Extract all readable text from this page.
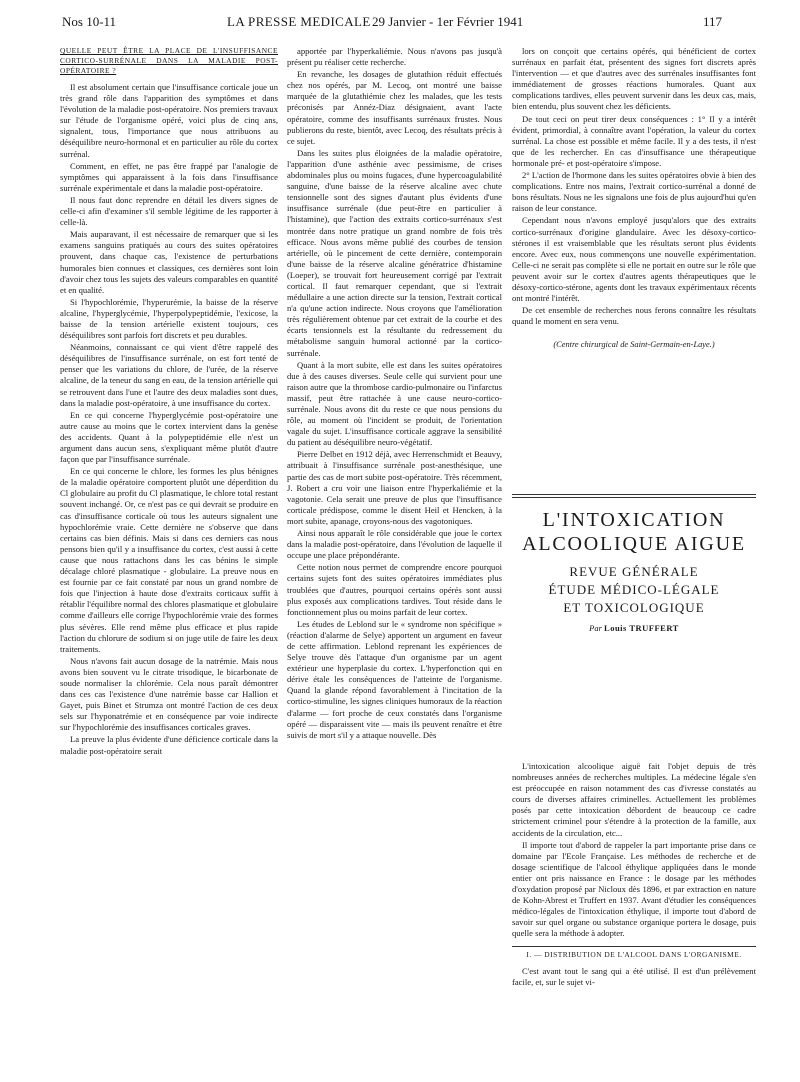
Nos 10-11	LA PRESSE MEDICALE 29 Janvier - 1er Février 1941	117
QUELLE PEUT ÊTRE LA PLACE DE L'INSUFFISANCE CORTICO-SURRÉNALE DANS LA MALADIE POST-OPÉRATOIRE ?

Il est absolument certain que l'insuffisance corticale joue un très grand rôle dans l'apparition des symptômes et dans l'évolution de la maladie post-opératoire. Nos premiers travaux sur l'étude de l'organisme opéré, voici plus de cinq ans, signalent, tous, l'importance que nous attribuons au déséquilibre neuro-hormonal et en particulier au rôle du cortex surrénal.

Comment, en effet, ne pas être frappé par l'analogie de symptômes qui apparaissent à la fois dans l'insuffisance surrénale expérimentale et dans la maladie post-opératoire.

Il nous faut donc reprendre en détail les divers signes de celle-ci afin d'examiner s'il semble légitime de les rapporter à celle-là.

Mais auparavant, il est nécessaire de remarquer que si les examens sanguins pratiqués au cours des suites opératoires prouvent, dans chaque cas, l'existence de perturbations humorales bien connues et classiques, ces dernières sont loin d'avoir chez tous les sujets des valeurs comparables en quantité et en qualité.

Si l'hypochlorémie, l'hyperurémie, la baisse de la réserve alcaline, l'hyperglycémie, l'hyperpolypeptidémie, l'exicose, la baisse de la tension artérielle existent toujours, ces déséquilibres sont parfois fort discrets et peu durables.

Néanmoins, connaissant ce qui vient d'être rappelé des déséquilibres de l'insuffisance surrénale, on est fort tenté de penser que les variations du chlore, de l'urée, de la réserve alcaline, de la teneur du sang en eau, de la tension artérielle qui se retrouvent dans l'une et l'autre des deux maladies sont dues, dans la maladie post-opératoire, à une insuffisance du cortex.

En ce qui concerne l'hyperglycémie post-opératoire une autre cause au moins que le cortex intervient dans la genèse des accidents. Quant à la polypeptidémie elle n'est un argument dans aucun sens, s'expliquant même plutôt d'autre façon que par l'insuffisance surrénale.

En ce qui concerne le chlore, les formes les plus bénignes de la maladie opératoire comportent plutôt une déperdition du Cl globulaire au profit du Cl plasmatique, le chlore total restant souvent inchangé. Or, ce n'est pas ce qui devrait se produire en cas d'insuffisance corticale où tous les auteurs signalent une hypochlorémie vraie. Cette dernière ne s'observe que dans certains cas bien définis. Mais si dans ces derniers cas nous pensons bien qu'il y a insuffisance du cortex, c'est aussi à cette cause que nous rattachons dans les cas bénins le simple décalage chloré plasmatique - globulaire. La preuve nous en est fournie par ce fait constaté par nous un grand nombre de fois que l'injection à haute dose d'extraits corticaux suffit à rétablir l'équilibre normal des chlores plasmatique et globulaire comme d'ailleurs elle corrige l'hypochlorémie vraie des formes plus sévères. Elle rend même plus efficace et plus rapide l'action du chlorure de sodium si on juge utile de faire les deux traitements.

Nous n'avons fait aucun dosage de la natrémie. Mais nous avons bien souvent vu le citrate trisodique, le bicarbonate de soude normaliser la chlorémie. Cela nous paraît démontrer dans ces cas l'existence d'une natrémie basse car Hallion et Gayet, puis Binet et Strumza ont montré l'action de ces deux sels sur l'hyponatrémie et en conséquence par voie indirecte sur l'hypochlorémie des insuffisances corticales graves.

La preuve la plus évidente d'une déficience corticale dans la maladie post-opératoire serait

apportée par l'hyperkaliémie. Nous n'avons pas jusqu'à présent pu réaliser cette recherche.

En revanche, les dosages de glutathion réduit effectués chez nos opérés, par M. Lecoq, ont montré une baisse marquée de la glutathiémie chez les malades, que les tests préconisés par Annéz-Diaz désignaient, avant l'acte opératoire, comme des insuffisants surrénaux frustes. Nous publierons du reste, bientôt, avec Lecoq, des résultats précis à ce sujet.

Dans les suites plus éloignées de la maladie opératoire, l'apparition d'une asthénie avec pessimisme, de crises abdominales plus ou moins fugaces, d'une hypercoagulabilité sanguine, d'une baisse de la réserve alcaline avec chute tensionnelle sont des signes d'autant plus évidents d'une insuffisance surrénale (due peut-être en particulier à l'histamine), que l'action des extraits cortico-surrénaux s'est montrée dans notre pratique un grand nombre de fois très efficace. Nous avons même publié des courbes de tension artérielle, où le pincement de cette dernière, contemporain d'une baisse de la réserve alcaline génératrice d'histamine (Loeper), se trouvait fort heureusement corrigé par l'extrait cortical. Il faut remarquer cependant, que si l'extrait médullaire a une action directe sur la tension, l'extrait cortical n'a qu'une action indirecte. Nous croyons que l'amélioration très régulièrement obtenue par cet extrait de la courbe et des écarts tensionnels est la résultante du redressement du métabolisme sanguin humoral actionné par la cortico-surrénale.

Quant à la mort subite, elle est dans les suites opératoires due à des causes diverses. Seule celle qui survient pour une raison autre que la thrombose cardio-pulmonaire ou l'infarctus massif, peut être rattachée à une cause neuro-cortico-surrénale. Nous avons dit du reste ce que nous pensions du rôle, au moment où l'incident se produit, de l'orientation vagale du sujet. L'insuffisance corticale aggrave la sensibilité du patient au déséquilibre neuro-végétatif.

Pierre Delbet en 1912 déjà, avec Herrenschmidt et Beauvy, attribuait à l'insuffisance surrénale post-anesthésique, une partie des cas de mort subite post-opératoire. Très récemment, J. Robert a cru voir une liaison entre l'hyperkaliémie et la vagotonie. Cela serait une preuve de plus que l'insuffisance corticale prédispose, comme le disent Heil et Hencken, à la mort subite, apanage, croyons-nous des vagotoniques.

Ainsi nous apparaît le rôle considérable que joue le cortex dans la maladie post-opératoire, dans l'évolution de laquelle il occupe une place prépondérante.

Cette notion nous permet de comprendre encore pourquoi certains sujets font des suites opératoires immédiates plus troublées que d'autres, pourquoi certains opérés sont aussi plus exposés aux complications tardives. Tout réside dans le fonctionnement plus ou moins parfait de leur cortex.

Les études de Leblond sur le « syndrome non spécifique » (réaction d'alarme de Selye) apportent un argument en faveur de cette affirmation. Leblond reprenant les expériences de Selye trouve dès l'attaque d'un organisme par un agent extérieur une hyperplasie du cortex. L'hyperfonction qui en dérive étale les conséquences de l'atteinte de l'organisme. Quand la glande répond favorablement à l'incitation de la cortico-stimuline, les signes cliniques humoraux de la réaction d'alarme — fort proche de ceux constatés dans l'organisme opéré — disparaissent vite — mais ils peuvent renaître et être suivis de mort s'il y a attaque nouvelle. Dès

lors on conçoit que certains opérés, qui bénéficient de cortex surrénaux en parfait état, présentent des signes fort discrets après l'intervention — et que d'autres avec des surrénales insuffisantes font immédiatement de grosses réactions humorales. Quant aux complications tardives, elles peuvent survenir dans les deux cas, mais, bien entendu, plus souvent chez les déficients.

De tout ceci on peut tirer deux conséquences : 1° Il y a intérêt évident, primordial, à connaître avant l'opération, la valeur du cortex surrénal. La chose est possible et même facile. Il y a des tests, il n'est que de les rechercher. En cas d'insuffisance une thérapeutique hormonale pré- et post-opératoire s'impose.

2° L'action de l'hormone dans les suites opératoires obvie à bien des complications. Entre nos mains, l'extrait cortico-surrénal a donné de bons résultats. Nous ne les signalons une fois de plus aujourd'hui qu'en raison de leur constance.

Cependant nous n'avons employé jusqu'alors que des extraits cortico-surrénaux d'origine glandulaire. Avec les désoxy-cortico-stérones il est vraisemblable que les résultats seront plus évidents encore. Avec eux, nous commençons une nouvelle expérimentation. Celle-ci ne serait pas complète si elle ne portait en outre sur le rôle que peuvent avoir sur le cortex d'autres agents thérapeutiques que le désoxy-cortico-stérone, agents dont les travaux expérimentaux récents ont montré l'intérêt.

De cet ensemble de recherches nous ferons connaître les résultats quand le moment en sera venu.

(Centre chirurgical de Saint-Germain-en-Laye.)
L'INTOXICATION
ALCOOLIQUE AIGUE
REVUE GÉNÉRALE
ÉTUDE MÉDICO-LÉGALE
ET TOXICOLOGIQUE
Par Louis TRUFFERT

L'intoxication alcoolique aiguë fait l'objet depuis de très nombreuses années de recherches multiples. La médecine légale s'en est préoccupée en raison notamment des cas d'ivresse constatés au cours de diverses affaires criminelles. Actuellement les problèmes posés par cette intoxication débordent de beaucoup ce cadre strictement criminel pour s'étendre à la protection de la famille, aux accidents de la circulation, etc...

Il importe tout d'abord de rappeler la part importante prise dans ce domaine par l'Ecole Française. Les méthodes de recherche et de dosage scientifique de l'alcool éthylique appliquées dans le monde entier ont pris naissance en France : le dosage par les méthodes d'oxydation proposé par Nicloux dès 1896, et par extraction en nature de Kohn-Abrest et Truffert en 1937. Avant d'étudier les conséquences médico-légales de l'intoxication éthylique, il importe tout d'abord de savoir sur quel organe ou substance organique portera le dosage, puis quelle sera la méthode à adopter.

I. — DISTRIBUTION DE L'ALCOOL DANS L'ORGANISME.

C'est avant tout le sang qui a été utilisé. Il est d'un prélèvement facile, et, sur le sujet vi-
